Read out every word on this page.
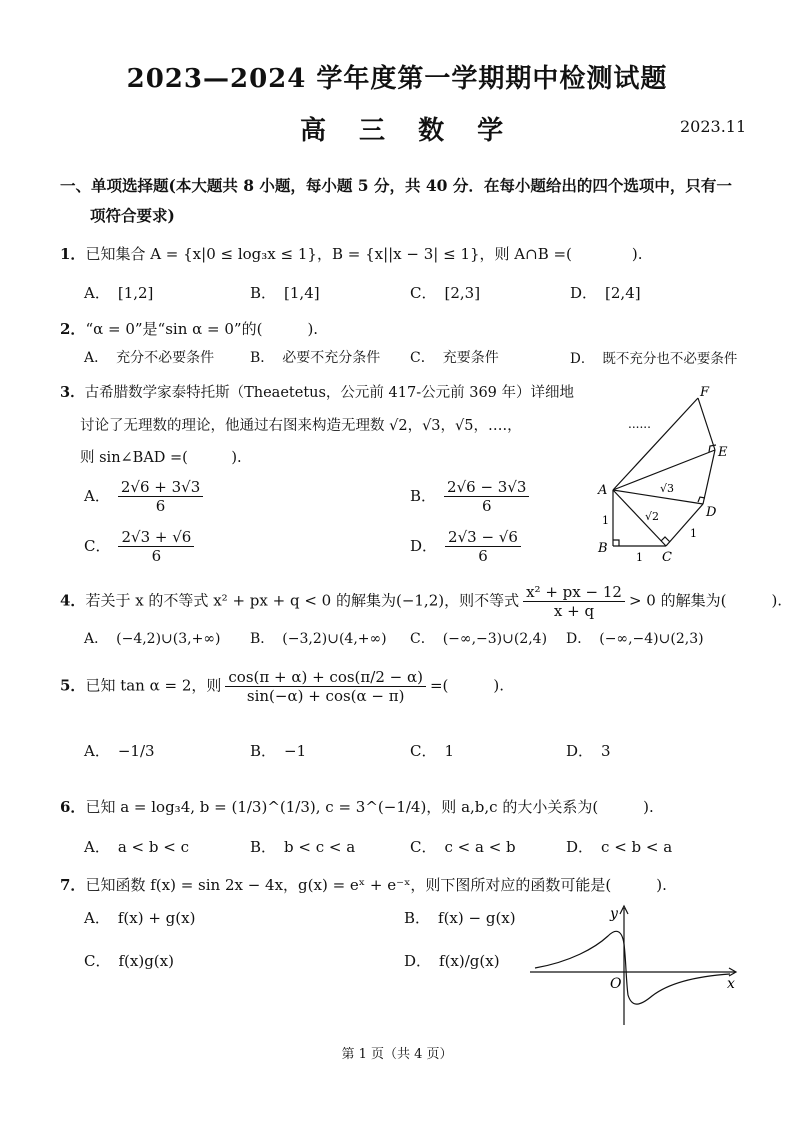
2023—2024 学年度第一学期期中检测试题
高 三 数 学	2023.11
一、单项选择题(本大题共 8 小题，每小题 5 分，共 40 分．在每小题给出的四个选项中，只有一
项符合要求)
1．已知集合 A = {x|0 ≤ log₃x ≤ 1}，B = {x||x − 3| ≤ 1}，则 A∩B =(　　　　).
A． [1,2]	B． [1,4]	C． [2,3]	D． [2,4]
2．“α = 0”是“sin α = 0”的(　　　).
A． 充分不必要条件	B． 必要不充分条件 C． 充要条件	D． 既不充分也不必要条件
3．古希腊数学家泰特托斯（Theaetetus，公元前 417-公元前 369 年）详细地
讨论了无理数的理论，他通过右图来构造无理数 √2，√3，√5，….，
则 sin∠BAD =(　　　).
A． $\frac{2√6 + 3√3}{6}$	B． $\frac{2√6 - 3√3}{6}$
C． $\frac{2√3 + √6}{6}$	D． $\frac{2√3 - √6}{6}$
F
E
A
D
B
C
√3
√2
1
1
1
......
4．若关于 x 的不等式 x² + px + q < 0 的解集为(−1,2)，则不等式 $\frac{\text{x² + px − 12}}{x + q} > 0$ 的解集为(　　　).
A． (−4,2)∪(3,+∞) B． (−3,2)∪(4,+∞) C． (−∞,−3)∪(2,4) D． (−∞,−4)∪(2,3)
5．已知 tan α = 2，则 $\frac{\cos(\pi + \alpha) + \cos(\pi/2 - \alpha)}{\sin(-\alpha) + \cos(\alpha - \pi)}$ =(　　　).
A． −1/3	B． −1	C． 1	D． 3
6．已知 a = log₃4, b = (1/3)^(1/3), c = 3^(−1/4)，则 a,b,c 的大小关系为(　　　).
A． a < b < c	B． b < c < a	C． c < a < b	D． c < b < a
7．已知函数 f(x) = sin 2x − 4x，g(x) = eˣ + e⁻ˣ，则下图所对应的函数可能是(　　　).
A． f(x) + g(x)	B． f(x) − g(x)
C． f(x)g(x)	D． f(x)/g(x)
y
x
O
第 1 页（共 4 页）
